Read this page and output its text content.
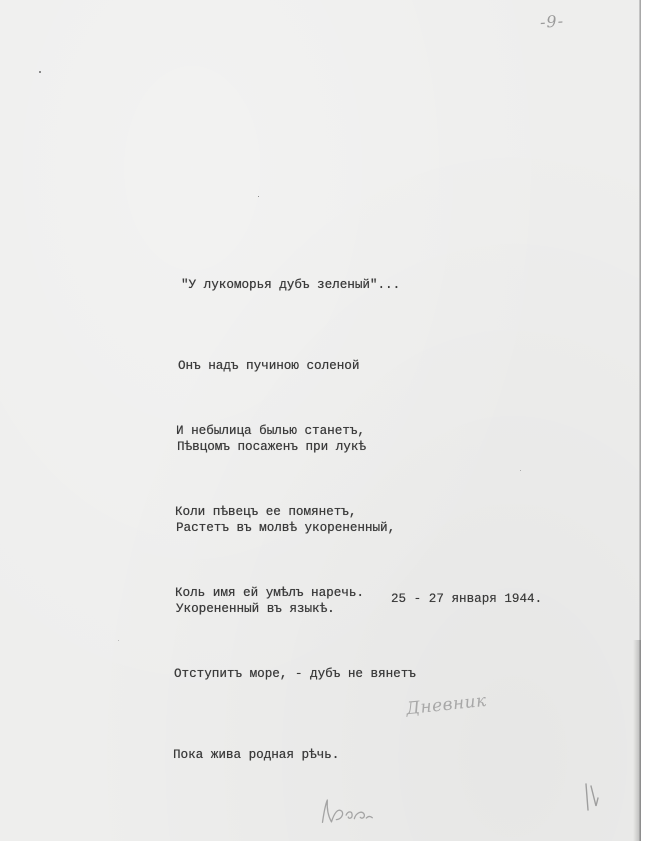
-9-

"У лукоморья дубъ зеленый"...

Онъ надъ пучиною соленой

Пѣвцомъ посаженъ при лукѣ

Растетъ въ молвѣ укорененный,

Укорененный въ языкѣ.

И небылица былью станетъ,

Коли пѣвецъ ее помянетъ,

Коль имя ей умѣлъ наречь.

Отступитъ море, - дубъ не вянетъ

Пока жива родная рѣчь.

25 - 27 января 1944.
Дневник
